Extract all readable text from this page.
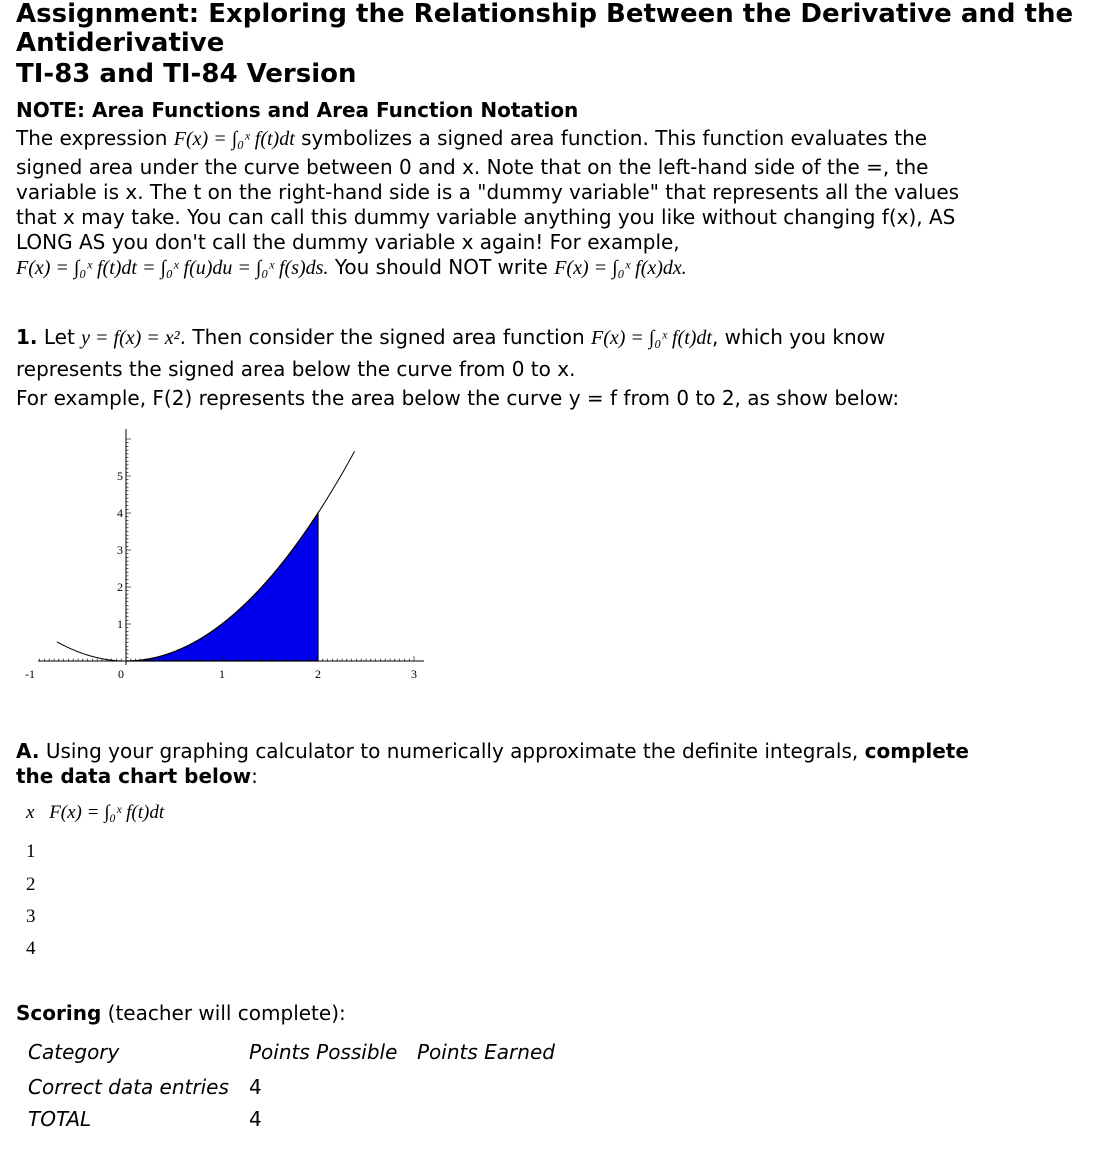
Assignment: Exploring the Relationship Between the Derivative and the
Antiderivative
TI-83 and TI-84 Version
NOTE: Area Functions and Area Function Notation
The expression F(x) = ∫₀ˣ f(t)dt symbolizes a signed area function. This function evaluates the
signed area under the curve between 0 and x. Note that on the left-hand side of the =, the
variable is x. The t on the right-hand side is a "dummy variable" that represents all the values
that x may take. You can call this dummy variable anything you like without changing f(x), AS
LONG AS you don't call the dummy variable x again! For example,
F(x) = ∫₀ˣ f(t)dt = ∫₀ˣ f(u)du = ∫₀ˣ f(s)ds. You should NOT write F(x) = ∫₀ˣ f(x)dx.
1. Let y = f(x) = x². Then consider the signed area function F(x) = ∫₀ˣ f(t)dt, which you know
represents the signed area below the curve from 0 to x.
For example, F(2) represents the area below the curve y = f from 0 to 2, as show below:
-1	0	1	2	3
1
2
3
4
5
A. Using your graphing calculator to numerically approximate the definite integrals, complete
the data chart below:
x F(x) = ∫₀ˣ f(t)dt
1
2
3
4
Scoring (teacher will complete):
Category	Points Possible Points Earned
Correct data entries 4
TOTAL	4
